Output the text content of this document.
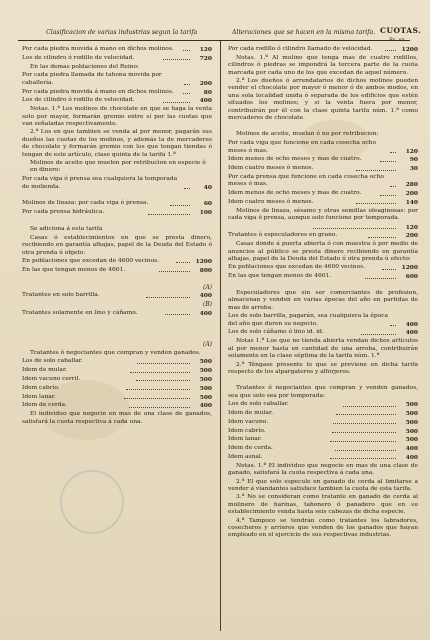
Clasificacion de varias industrias segun la tarifa	Alteraciones que se hacen en la misma tarifa. CUOTAS.
Rs. vn.
Por cada piedra movida á mano en dichos molinos.	120
Los de cilindro ó rodillo de velocidad.	720
En las demas poblaciones del Reino:
Por cada piedra llamada de tahona movida por caballería.	200
Por cada piedra movida á mano en dichos molinos.	80
Los de cilindro ó rodillo de velocidad.	400
Notas. 1.ª Los molinos de chocolate en que se haga la venta solo por mayor, formarán gremio entre sí por las cuotas que van señaladas respectivamente.
2.ª Los en que tambien se venda al por menor, pagarán sus dueños las cuotas de los molinos, y además la de mercaderes de chocolate y formarán gremio con los que tengan tiendas ó tengan de este artículo, clase quinta de la tarifa 1.ª
Molinos de aceite que muelen por retribucion en especie ó en dinero:
Por cada viga ó prensa sea cualquiera la temporada de molienda.	40
Molinos de linaza: por cada viga ó prensa.	60
Por cada prensa hidráulica.	100
Se adiciona á esta tarifa
Casas ó establecimientos en que se presta dinero, recibiendo en garantía alhajas, papel de la Deuda del Estado ó otra prenda ú objeto:
En poblaciones que excedan de 4600 vecinos.	1200
En las que tengan menos de 4601.	800
(A)
Tratantes en solo barrilla.	400
(B)
Tratantes solamente en lino y cáñamo.	400
(A)
Tratantes ó negociantes que compran y venden ganados.
Los de solo caballar.	500
Idem de mular.	500
Idem vacuno cerril.	500
Idem cabrío.	500
Idem lanar.	500
Idem de cerda.	400
El individuo que negocie en mas de una clase de ganados, satisfará la cuota respectiva á cada una.
Por cada rodillo ó cilindro llamado de velocidad.	1200
Notas. 1.ª Al molino que tenga mas de cuatro rodillos, cilindros ó piedras se impondrá la tercera parte de la cuota marcada por cada uno de los que excedan de aquel número.
2.ª Los dueños ó arrendatarios de dichos molinos pueden vender el chocolate por mayor ó menor ó de ambos modos, en una sola localidad unida ó separada de los edificios que estén situados los molinos; y si la venta fuera por menor, contribuirán por él con la clase quinta tarifa núm. 1.ª como mercaderes de chocolate.
Molinos de aceite, muelan ó no por retribucion:
Por cada viga que funcione en cada cosecha ocho meses ó mas.	120
Idem menos de ocho meses y mas de cuatro.	90
Idem cuatro meses ó menos.	30
Por cada prensa que funcione en cada cosecha ocho meses ó mas.	280
Idem menos de ocho meses y mas de cuatro.	200
Idem cuatro meses ó menos.	140
Molinos de linaza, sésamo y otras semillas oleaginosas: por cada viga ó prensa, aunque solo funcione por temporada.
120
Tratantes ó especuladores en grano.	200
Casas donde á puerta abierta ó con muestra ó por medio de anuncios al público se presta dinero recibiendo en garantía alhajas, papel de la Deuda del Estado ú otra prenda ú efecto:
En poblaciones que excedan de 4600 vecinos.	1200
En las que tengan menos de 4601.	600
Especuladores que sin ser comerciantes de profesion, almacenan y venden en varias épocas del año en partidas de mas de arroba.
Los de solo barrilla, pagarán, sea cualquiera la época del año que duren su negocio.	400
Los de solo cáñamo ó lino id. id.	400
Notas 1.ª Los que no tienda abierta vendan dichos artículos al por menor hasta en cantidad de una arroba, contribuirán solamente en la clase séptima de la tarifa núm. 1.ª
2.ª Téngase presente lo que se previene en dicha tarifa respecto de los alpargateros y alforjeros.
Tratantes ó negociantes que compran y venden ganados, sea que solo sea por temporada:
Los de solo caballar.	500
Idem de mular.	500
Idem vacuno.	500
Idem cabrío.	500
Idem lanar.	500
Idem de cerda.	400
Idem asnal.	400
Notas. 1.ª El individuo que negocie en mas de una clase de ganado, satisfará la cuota respectiva á cada una.
2.ª El que solo especule en ganado de cerda al limitarse a vender á viandantes satisface tambien la cuota de esta tarifa.
3.ª No se consideran como tratante en ganado de cerda al molinero de harinas, tahonero ó panadero que en su establecimiento venda hasta seis cabezas de dicha especie.
4.ª Tampoco se tendrán como tratantes los labradores, cosecheros y arrieros que venden de los ganados que hayan empleado en el ejercicio de sus respectivas industrias.
